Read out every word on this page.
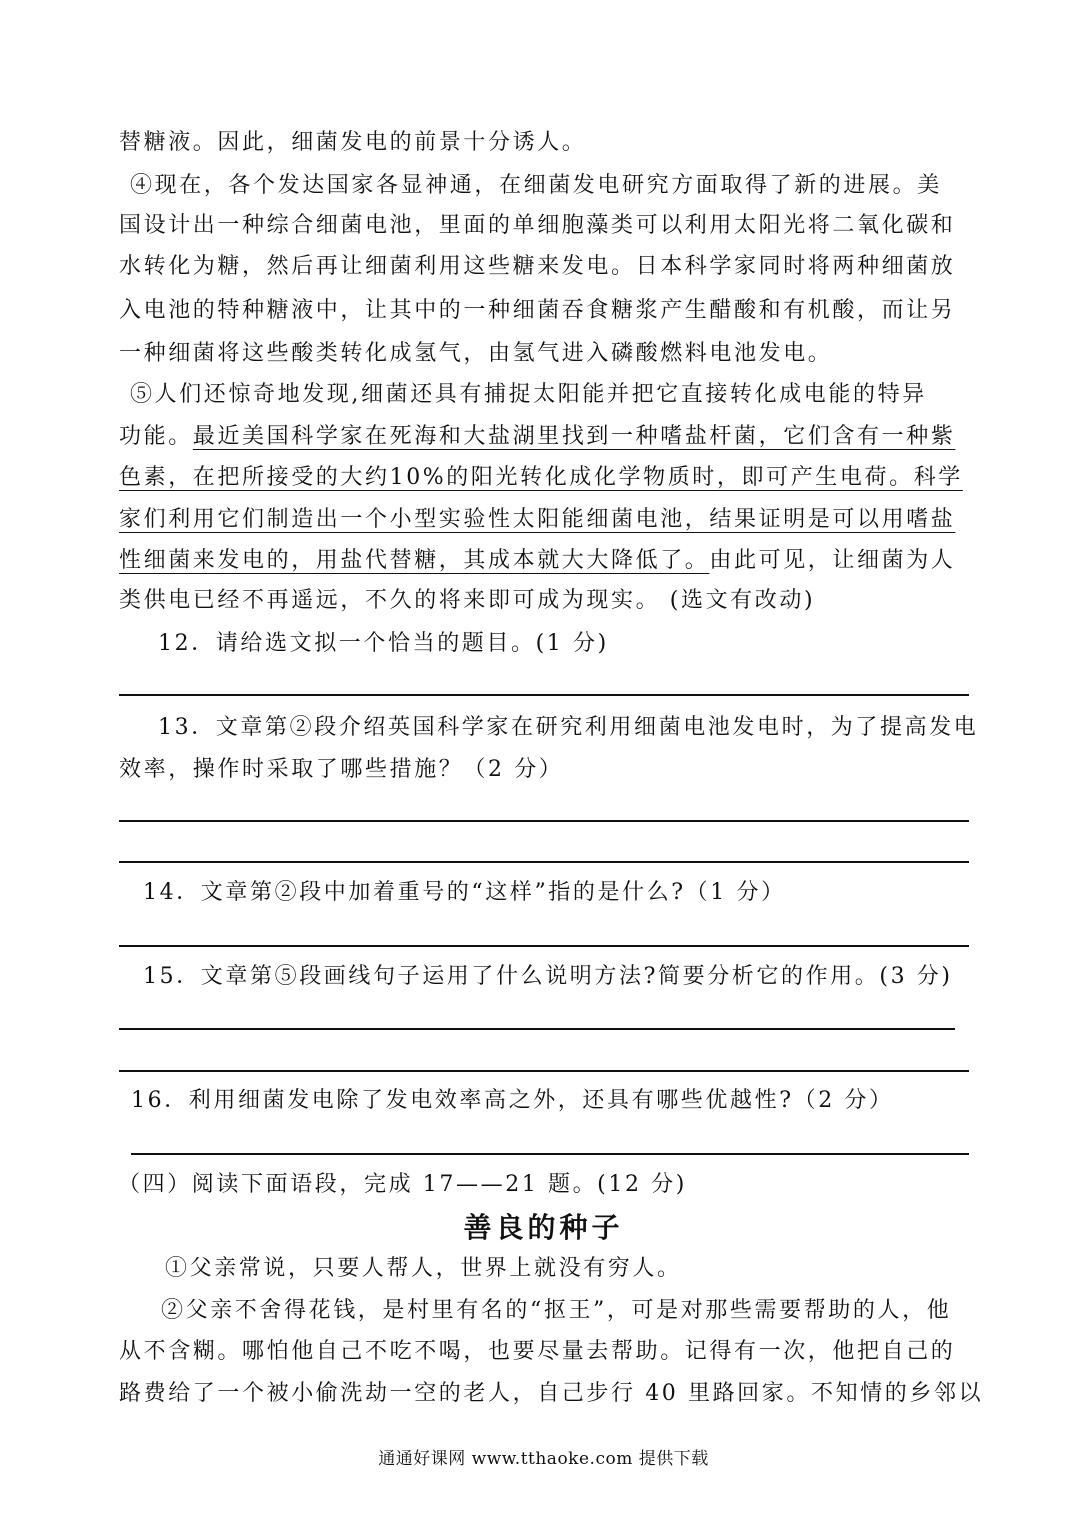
替糖液。因此，细菌发电的前景十分诱人。
④现在，各个发达国家各显神通，在细菌发电研究方面取得了新的进展。美
国设计出一种综合细菌电池，里面的单细胞藻类可以利用太阳光将二氧化碳和
水转化为糖，然后再让细菌利用这些糖来发电。日本科学家同时将两种细菌放
入电池的特种糖液中，让其中的一种细菌吞食糖浆产生醋酸和有机酸，而让另
一种细菌将这些酸类转化成氢气，由氢气进入磷酸燃料电池发电。
⑤人们还惊奇地发现,细菌还具有捕捉太阳能并把它直接转化成电能的特异
功能。最近美国科学家在死海和大盐湖里找到一种嗜盐杆菌，它们含有一种紫
色素，在把所接受的大约10%的阳光转化成化学物质时，即可产生电荷。科学
家们利用它们制造出一个小型实验性太阳能细菌电池，结果证明是可以用嗜盐
性细菌来发电的，用盐代替糖，其成本就大大降低了。由此可见，让细菌为人
类供电已经不再遥远，不久的将来即可成为现实。 (选文有改动)
12．请给选文拟一个恰当的题目。(1 分)
13．文章第②段介绍英国科学家在研究利用细菌电池发电时，为了提高发电
效率，操作时采取了哪些措施？（2 分）
14．文章第②段中加着重号的“这样”指的是什么?（1 分）
15．文章第⑤段画线句子运用了什么说明方法?简要分析它的作用。(3 分)
16．利用细菌发电除了发电效率高之外，还具有哪些优越性?（2 分）
（四）阅读下面语段，完成 17——21 题。(12 分)
善良的种子
①父亲常说，只要人帮人，世界上就没有穷人。
②父亲不舍得花钱，是村里有名的“抠王”，可是对那些需要帮助的人，他
从不含糊。哪怕他自己不吃不喝，也要尽量去帮助。记得有一次，他把自己的
路费给了一个被小偷洗劫一空的老人，自己步行 40 里路回家。不知情的乡邻以
通通好课网 www.tthaoke.com 提供下载
